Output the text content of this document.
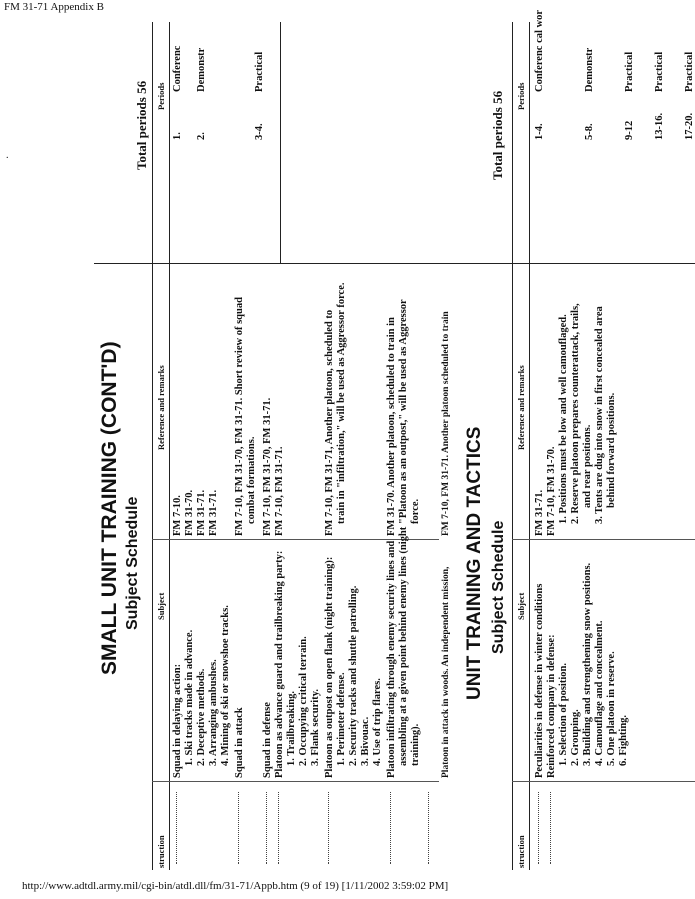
FM 31-71 Appendix B
.
SMALL UNIT TRAINING (CONT'D) Subject Schedule
Total periods 56
struction
Subject
Reference and remarks
Squad in delaying action: 1. Ski tracks made in advance. 2. Deceptive methods. 3. Arranging ambushes. 4. Mining of ski or snowshoe tracks.
FM 7-10. FM 31-70. FM 31-71. FM 31-71.
Squad in attack
FM 7-10, FM 31-70, FM 31-71. Short review of squad combat formations.
Squad in defense
FM 7-10, FM 31-70, FM 31-71.
Platoon as advance guard and trailbreaking party: 1. Trailbreaking. 2. Occupying critical terrain. 3. Flank security.
FM 7-10, FM 31-71.
Platoon as outpost on open flank (night training): 1. Perimeter defense. 2. Security tracks and shuttle patrolling. 3. Bivouac. 4. Use of trip flares.
FM 7-10, FM 31-71, Another platoon, scheduled to train in "infiltration," will be used as Aggressor force.
Platoon infiltrating through enemy security lines and assembling at a given point behind enemy lines (night training).
FM 31-70. Another platoon, scheduled to train in "Platoon as an outpost," will be used as Aggressor force.
Periods
1.
Conferenc
2.
Demonstr
3-4.
Practical
UNIT TRAINING AND TACTICS Subject Schedule
Total periods 56
struction
Subject
Reference and remarks
Peculiarities in defense in winter conditions
FM 31-71.
Reinforced company in defense: 1. Selection of position. 2. Grouping. 3. Building and strengthening snow positions. 4. Camouflage and concealment. 5. One platoon in reserve. 6. Fighting.
FM 7-10, FM 31-70. 1. Positions must be low and well camouflaged. 2. Reserve platoon prepares counterattack, trails, and rear positions. 3. Tents are dug into snow in first concealed area behind forward positions.
Periods
1-4.
Conferenc cal wor
5-8.
Demonstr
9-12
Practical
13-16.
Practical
17-20.
Practical
Platoon in attack in woods. An independent mission,
FM 7-10, FM 31-71. Another platoon scheduled to train
http://www.adtdl.army.mil/cgi-bin/atdl.dll/fm/31-71/Appb.htm (9 of 19) [1/11/2002 3:59:02 PM]
